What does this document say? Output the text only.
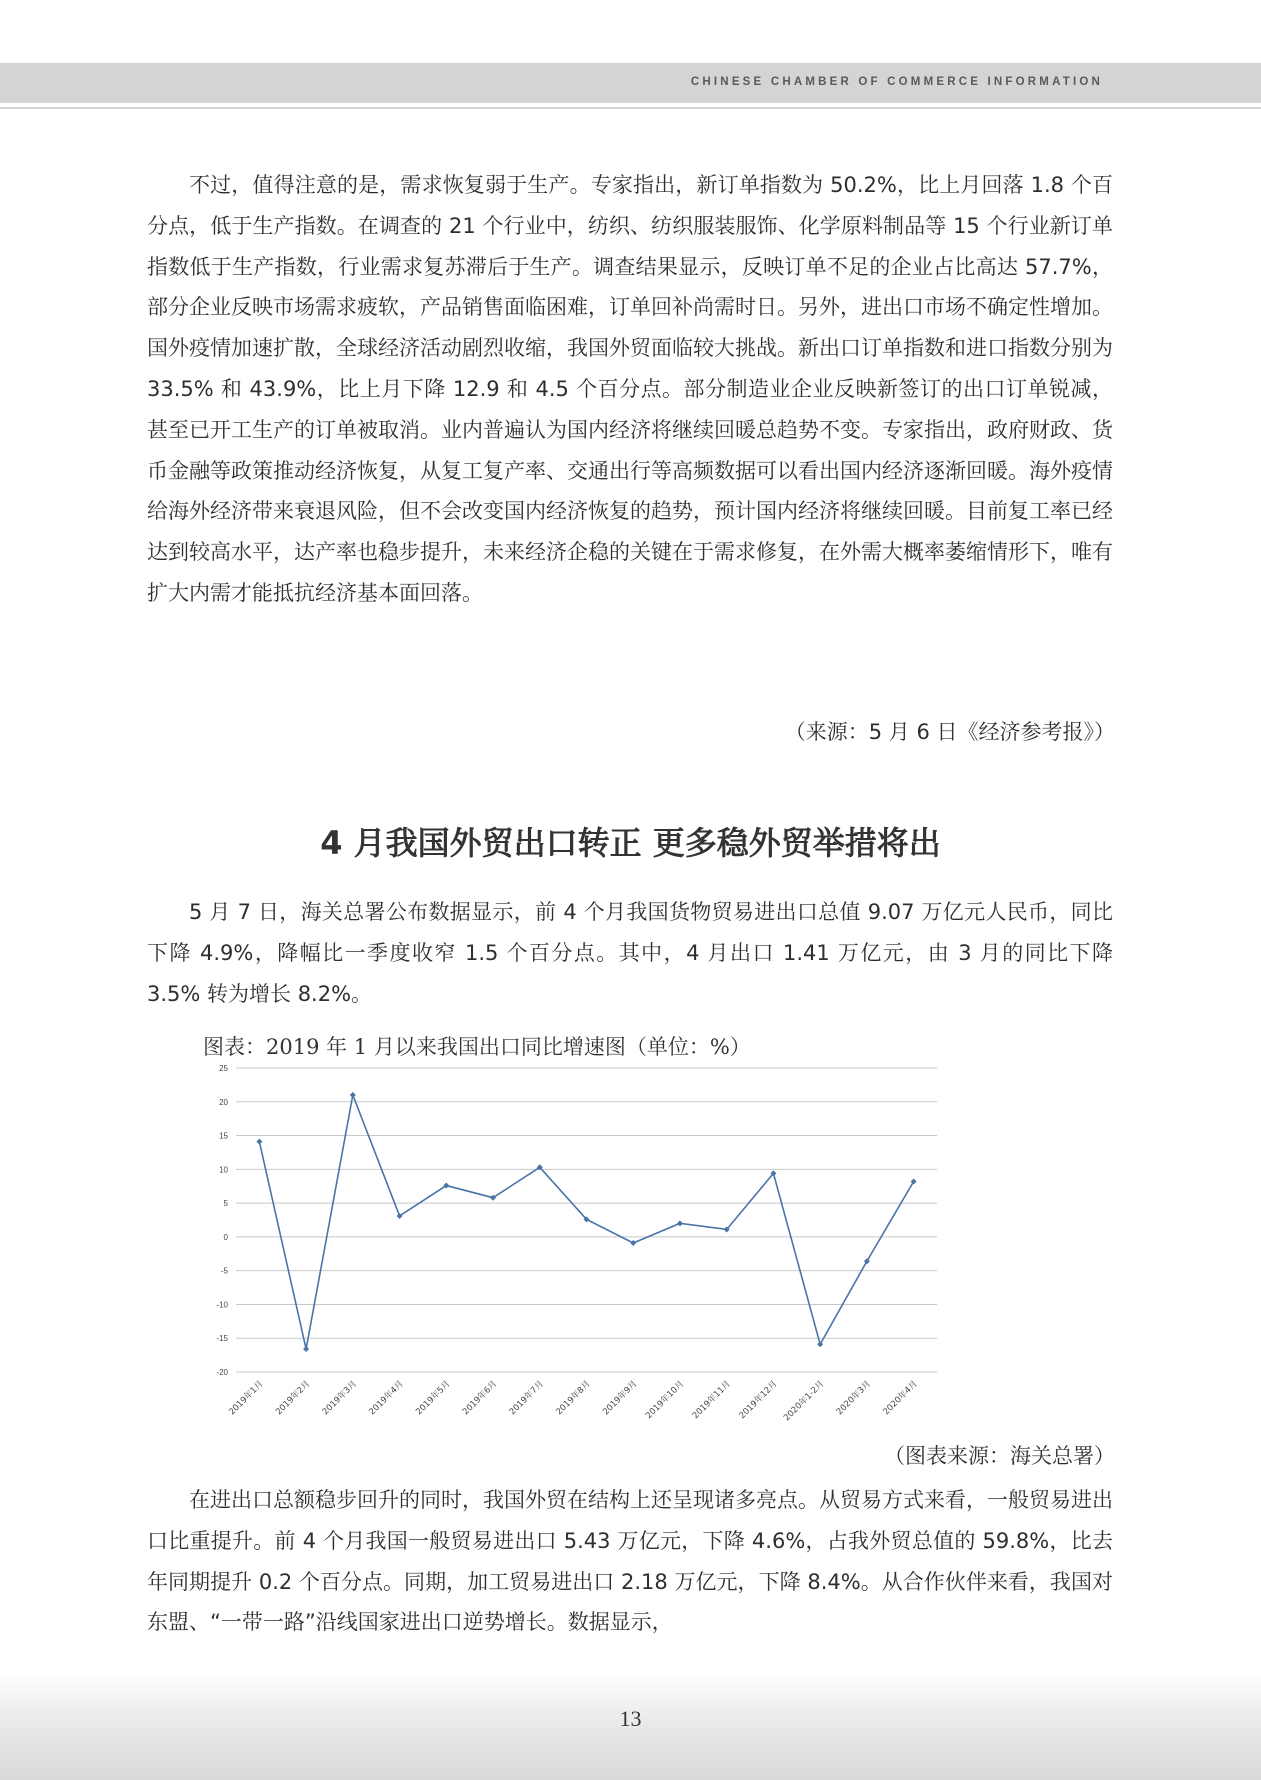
CHINESE CHAMBER OF COMMERCE INFORMATION

不过，值得注意的是，需求恢复弱于生产。专家指出，新订单指数为 50.2%，比上月回落 1.8 个百分点，低于生产指数。在调查的 21 个行业中，纺织、纺织服装服饰、化学原料制品等 15 个行业新订单指数低于生产指数，行业需求复苏滞后于生产。调查结果显示，反映订单不足的企业占比高达 57.7%，部分企业反映市场需求疲软，产品销售面临困难，订单回补尚需时日。另外，进出口市场不确定性增加。国外疫情加速扩散，全球经济活动剧烈收缩，我国外贸面临较大挑战。新出口订单指数和进口指数分别为 33.5% 和 43.9%，比上月下降 12.9 和 4.5 个百分点。部分制造业企业反映新签订的出口订单锐减，甚至已开工生产的订单被取消。业内普遍认为国内经济将继续回暖总趋势不变。专家指出，政府财政、货币金融等政策推动经济恢复，从复工复产率、交通出行等高频数据可以看出国内经济逐渐回暖。海外疫情给海外经济带来衰退风险，但不会改变国内经济恢复的趋势，预计国内经济将继续回暖。目前复工率已经达到较高水平，达产率也稳步提升，未来经济企稳的关键在于需求修复，在外需大概率萎缩情形下，唯有扩大内需才能抵抗经济基本面回落。

（来源：5 月 6 日《经济参考报》）

4 月我国外贸出口转正 更多稳外贸举措将出

5 月 7 日，海关总署公布数据显示，前 4 个月我国货物贸易进出口总值 9.07 万亿元人民币，同比下降 4.9%，降幅比一季度收窄 1.5 个百分点。其中，4 月出口 1.41 万亿元，由 3 月的同比下降 3.5% 转为增长 8.2%。

图表：2019 年 1 月以来我国出口同比增速图（单位：%）
25
20
15
10
5
0
-5
-10
-15
-20
2019年1月 2019年2月 2019年3月 2019年4月 2019年5月 2019年6月 2019年7月 2019年8月 2019年9月 2019年10月 2019年11月 2019年12月 2020年1-2月 2020年3月 2020年4月

（图表来源：海关总署）

在进出口总额稳步回升的同时，我国外贸在结构上还呈现诸多亮点。从贸易方式来看，一般贸易进出口比重提升。前 4 个月我国一般贸易进出口 5.43 万亿元，下降 4.6%，占我外贸总值的 59.8%，比去年同期提升 0.2 个百分点。同期，加工贸易进出口 2.18 万亿元，下降 8.4%。从合作伙伴来看，我国对东盟、“一带一路”沿线国家进出口逆势增长。数据显示，

13
